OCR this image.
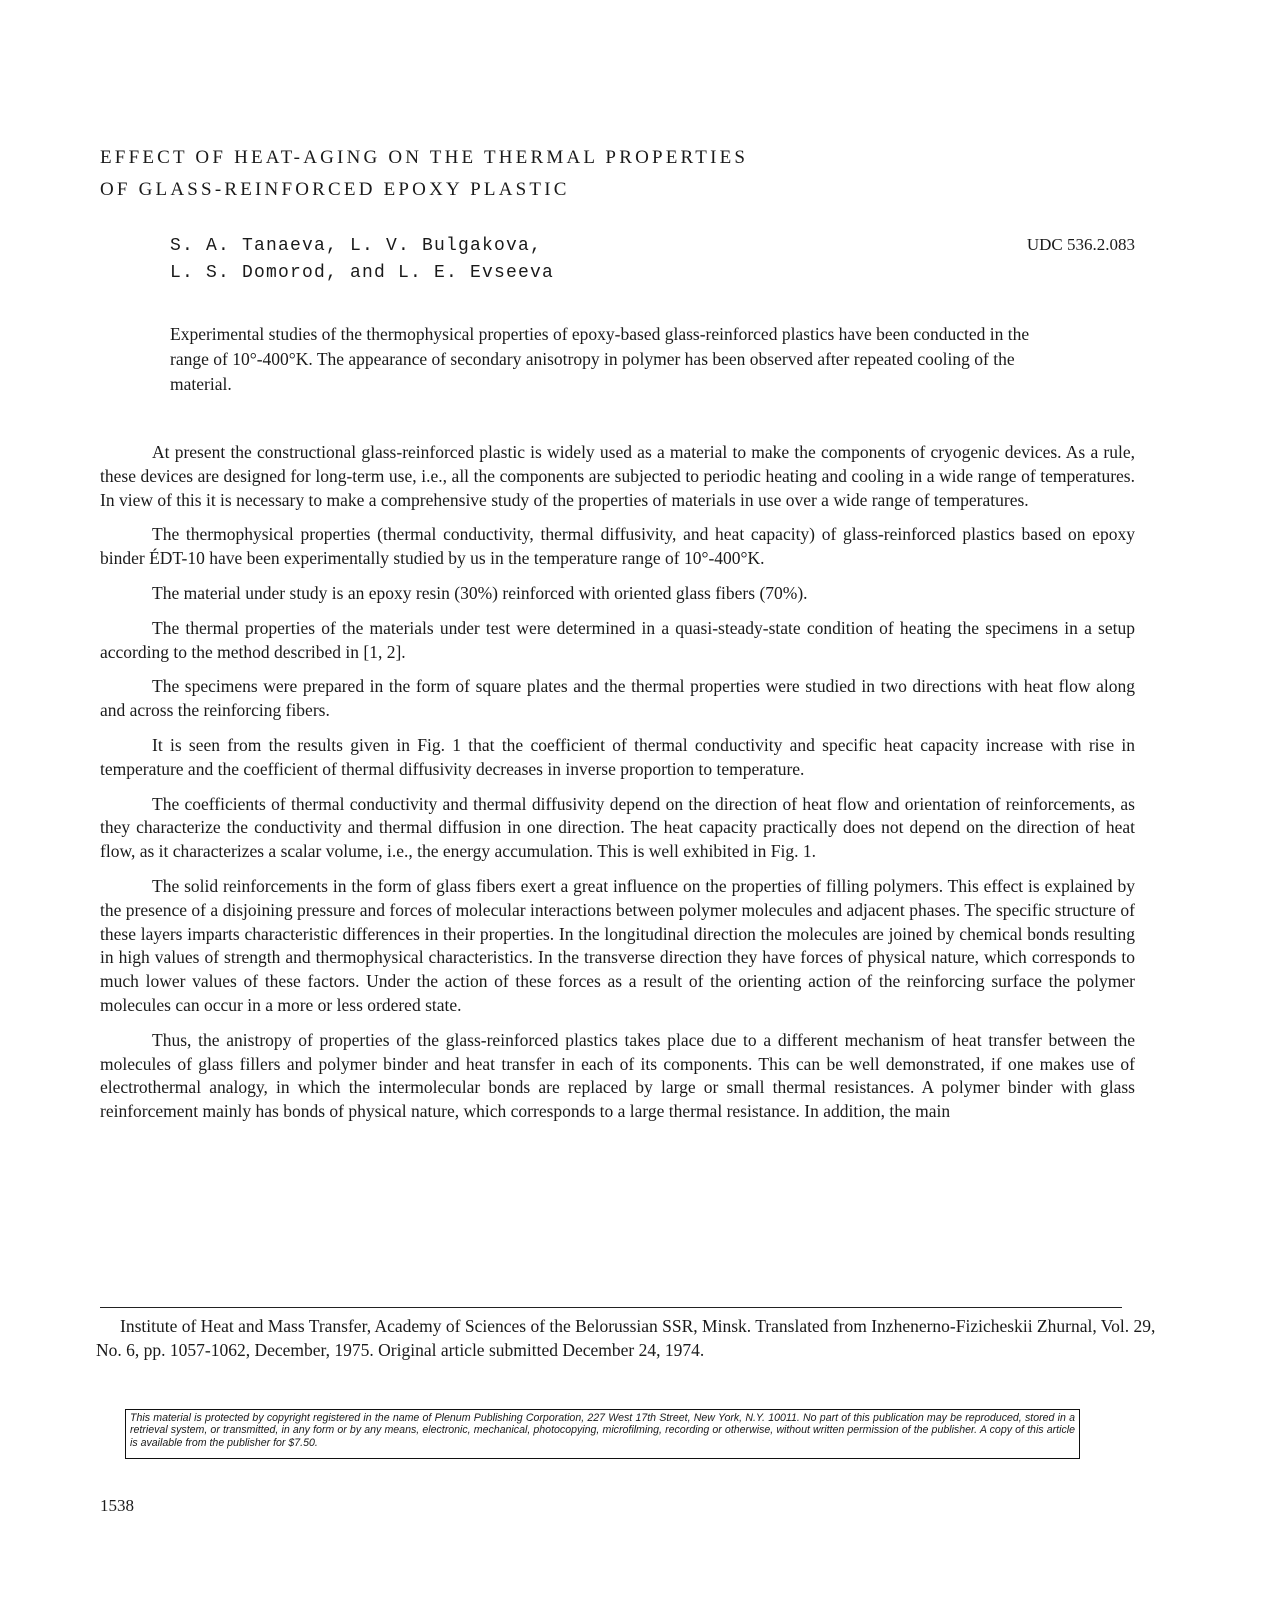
EFFECT OF HEAT-AGING ON THE THERMAL PROPERTIES
OF GLASS-REINFORCED EPOXY PLASTIC
S. A. Tanaeva, L. V. Bulgakova,
L. S. Domorod, and L. E. Evseeva
UDC 536.2.083

Experimental studies of the thermophysical properties of epoxy-based glass-reinforced plastics have been conducted in the range of 10°-400°K. The appearance of secondary anisotropy in polymer has been observed after repeated cooling of the material.

At present the constructional glass-reinforced plastic is widely used as a material to make the components of cryogenic devices. As a rule, these devices are designed for long-term use, i.e., all the components are subjected to periodic heating and cooling in a wide range of temperatures. In view of this it is necessary to make a comprehensive study of the properties of materials in use over a wide range of temperatures.

The thermophysical properties (thermal conductivity, thermal diffusivity, and heat capacity) of glass-reinforced plastics based on epoxy binder ÉDT-10 have been experimentally studied by us in the temperature range of 10°-400°K.

The material under study is an epoxy resin (30%) reinforced with oriented glass fibers (70%).

The thermal properties of the materials under test were determined in a quasi-steady-state condition of heating the specimens in a setup according to the method described in [1, 2].

The specimens were prepared in the form of square plates and the thermal properties were studied in two directions with heat flow along and across the reinforcing fibers.

It is seen from the results given in Fig. 1 that the coefficient of thermal conductivity and specific heat capacity increase with rise in temperature and the coefficient of thermal diffusivity decreases in inverse proportion to temperature.

The coefficients of thermal conductivity and thermal diffusivity depend on the direction of heat flow and orientation of reinforcements, as they characterize the conductivity and thermal diffusion in one direction. The heat capacity practically does not depend on the direction of heat flow, as it characterizes a scalar volume, i.e., the energy accumulation. This is well exhibited in Fig. 1.

The solid reinforcements in the form of glass fibers exert a great influence on the properties of filling polymers. This effect is explained by the presence of a disjoining pressure and forces of molecular interactions between polymer molecules and adjacent phases. The specific structure of these layers imparts characteristic differences in their properties. In the longitudinal direction the molecules are joined by chemical bonds resulting in high values of strength and thermophysical characteristics. In the transverse direction they have forces of physical nature, which corresponds to much lower values of these factors. Under the action of these forces as a result of the orienting action of the reinforcing surface the polymer molecules can occur in a more or less ordered state.

Thus, the anistropy of properties of the glass-reinforced plastics takes place due to a different mechanism of heat transfer between the molecules of glass fillers and polymer binder and heat transfer in each of its components. This can be well demonstrated, if one makes use of electrothermal analogy, in which the intermolecular bonds are replaced by large or small thermal resistances. A polymer binder with glass reinforcement mainly has bonds of physical nature, which corresponds to a large thermal resistance. In addition, the main

Institute of Heat and Mass Transfer, Academy of Sciences of the Belorussian SSR, Minsk. Translated from Inzhenerno-Fizicheskii Zhurnal, Vol. 29, No. 6, pp. 1057-1062, December, 1975. Original article submitted December 24, 1974.

This material is protected by copyright registered in the name of Plenum Publishing Corporation, 227 West 17th Street, New York, N.Y. 10011. No part of this publication may be reproduced, stored in a retrieval system, or transmitted, in any form or by any means, electronic, mechanical, photocopying, microfilming, recording or otherwise, without written permission of the publisher. A copy of this article is available from the publisher for $7.50.
1538
